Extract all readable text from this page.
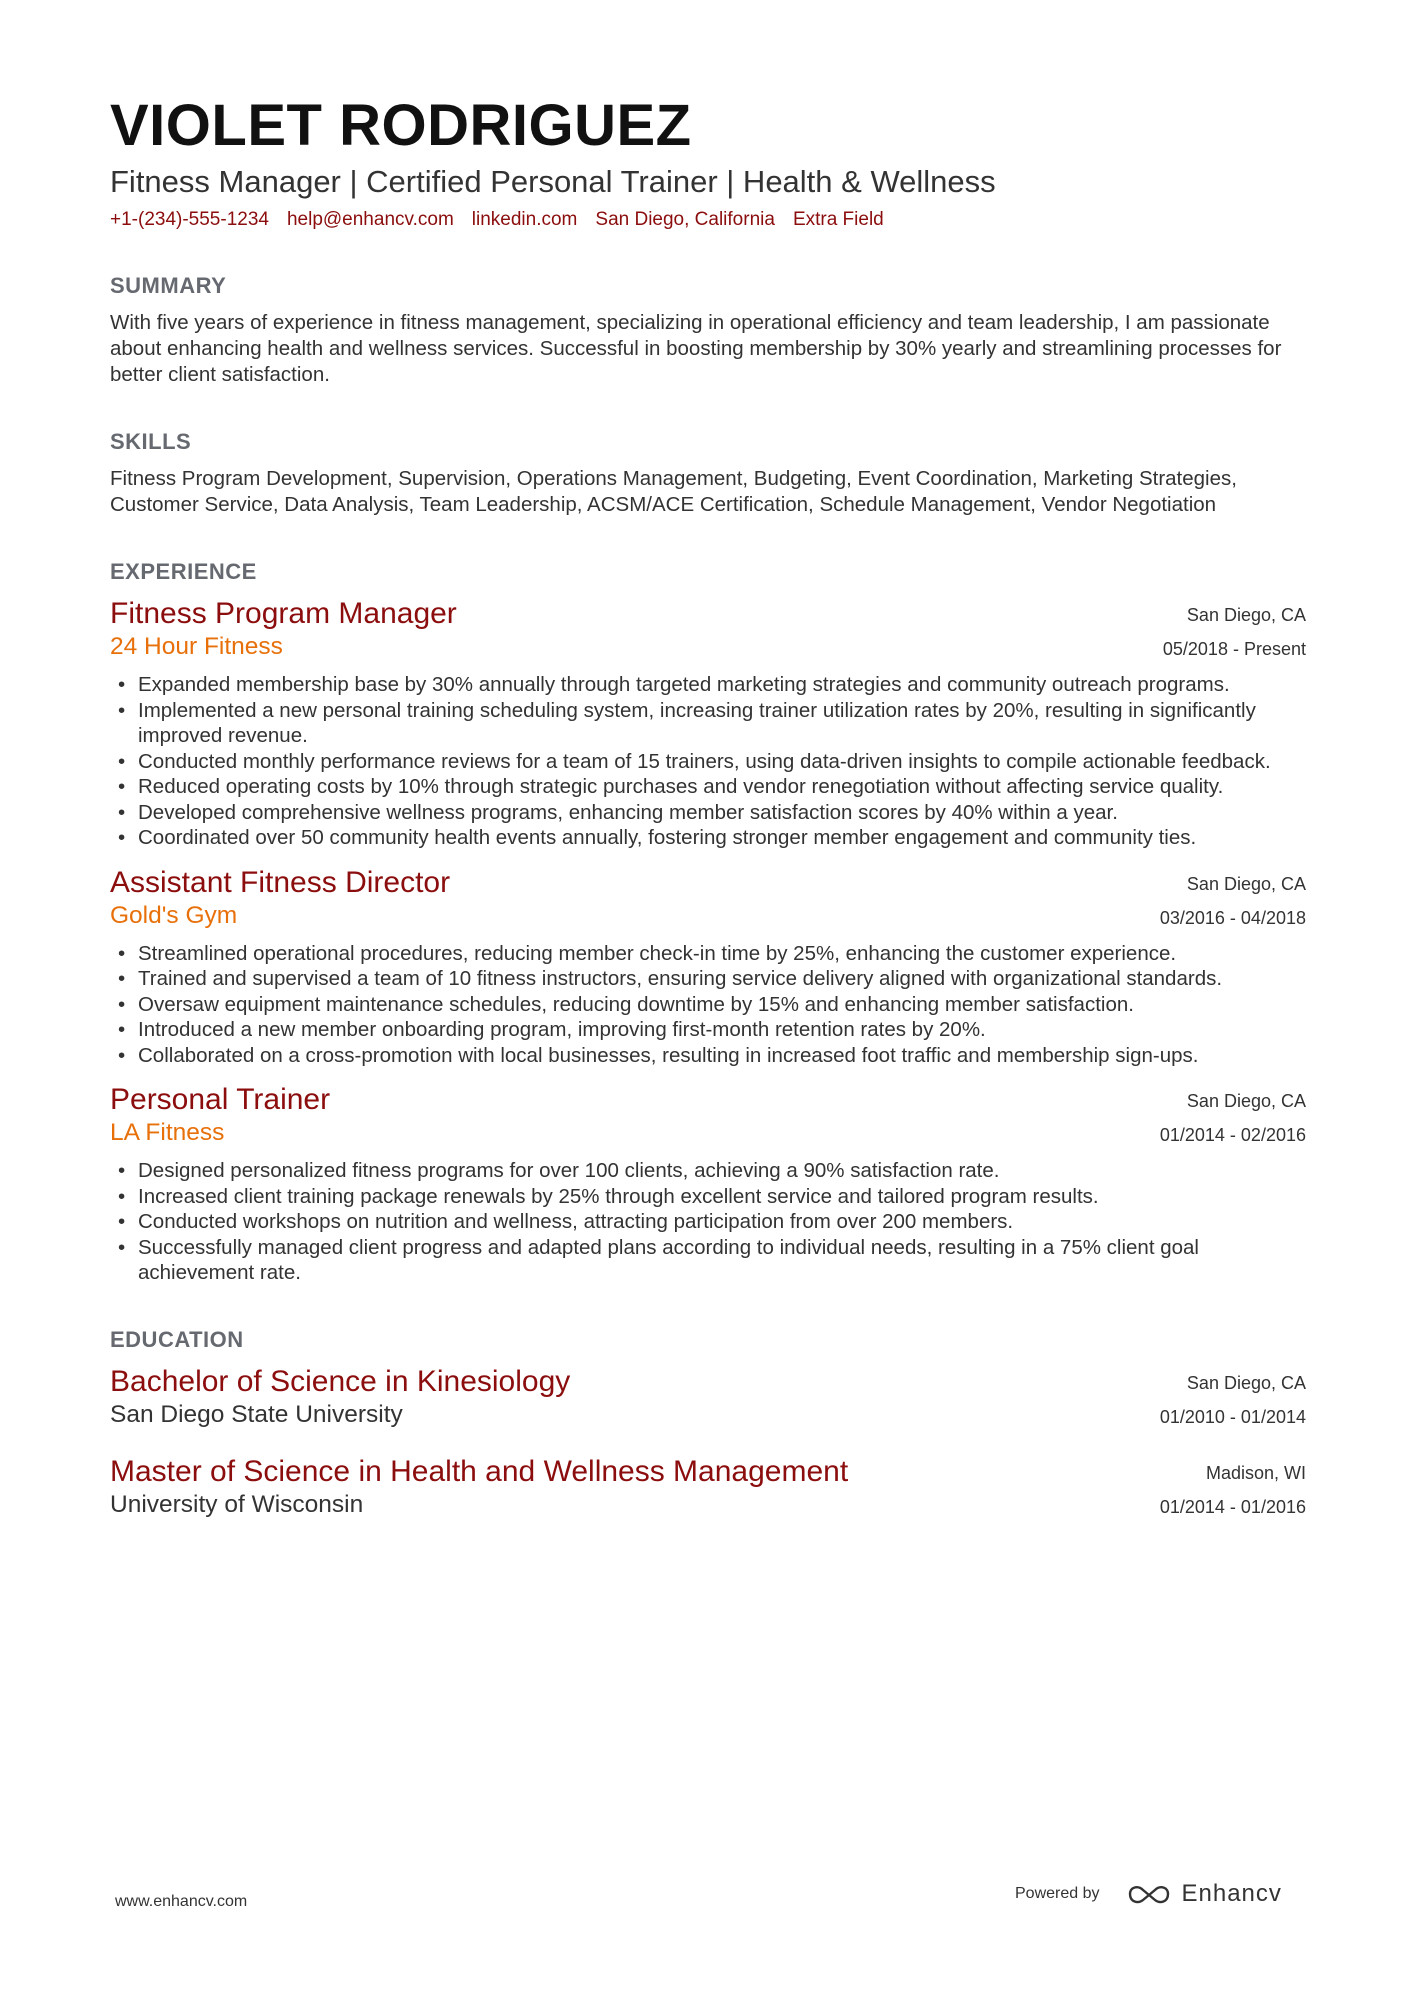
VIOLET RODRIGUEZ
Fitness Manager | Certified Personal Trainer | Health & Wellness
+1-(234)-555-1234 help@enhancv.com linkedin.com San Diego, California Extra Field
SUMMARY
With five years of experience in fitness management, specializing in operational efficiency and team leadership, I am passionate about enhancing health and wellness services. Successful in boosting membership by 30% yearly and streamlining processes for better client satisfaction.
SKILLS
Fitness Program Development, Supervision, Operations Management, Budgeting, Event Coordination, Marketing Strategies, Customer Service, Data Analysis, Team Leadership, ACSM/ACE Certification, Schedule Management, Vendor Negotiation
EXPERIENCE
Fitness Program Manager
24 Hour Fitness
San Diego, CA
05/2018 - Present
• Expanded membership base by 30% annually through targeted marketing strategies and community outreach programs.
• Implemented a new personal training scheduling system, increasing trainer utilization rates by 20%, resulting in significantly improved revenue.
• Conducted monthly performance reviews for a team of 15 trainers, using data-driven insights to compile actionable feedback.
• Reduced operating costs by 10% through strategic purchases and vendor renegotiation without affecting service quality.
• Developed comprehensive wellness programs, enhancing member satisfaction scores by 40% within a year.
• Coordinated over 50 community health events annually, fostering stronger member engagement and community ties.
Assistant Fitness Director
Gold's Gym
San Diego, CA
03/2016 - 04/2018
• Streamlined operational procedures, reducing member check-in time by 25%, enhancing the customer experience.
• Trained and supervised a team of 10 fitness instructors, ensuring service delivery aligned with organizational standards.
• Oversaw equipment maintenance schedules, reducing downtime by 15% and enhancing member satisfaction.
• Introduced a new member onboarding program, improving first-month retention rates by 20%.
• Collaborated on a cross-promotion with local businesses, resulting in increased foot traffic and membership sign-ups.
Personal Trainer
LA Fitness
San Diego, CA
01/2014 - 02/2016
• Designed personalized fitness programs for over 100 clients, achieving a 90% satisfaction rate.
• Increased client training package renewals by 25% through excellent service and tailored program results.
• Conducted workshops on nutrition and wellness, attracting participation from over 200 members.
• Successfully managed client progress and adapted plans according to individual needs, resulting in a 75% client goal achievement rate.
EDUCATION
Bachelor of Science in Kinesiology
San Diego State University
San Diego, CA
01/2010 - 01/2014
Master of Science in Health and Wellness Management
University of Wisconsin
Madison, WI
01/2014 - 01/2016
www.enhancv.com	Powered by	Enhancv
